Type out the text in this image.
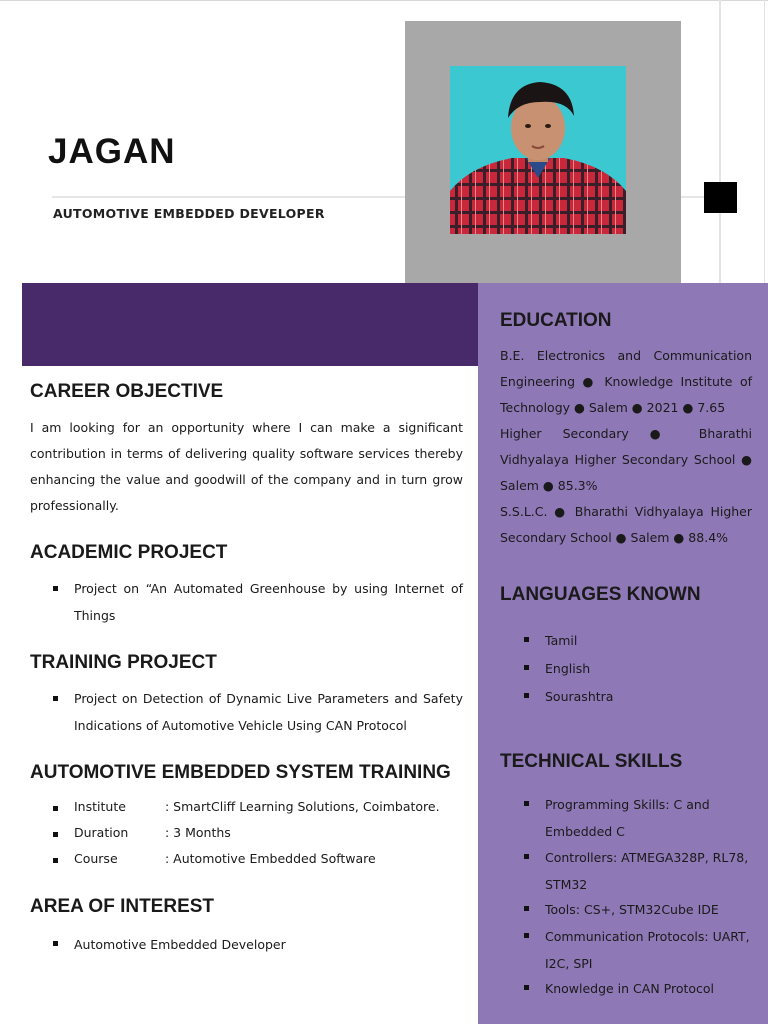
JAGAN
AUTOMOTIVE EMBEDDED DEVELOPER
CAREER OBJECTIVE
I am looking for an opportunity where I can make a significant contribution in terms of delivering quality software services thereby enhancing the value and goodwill of the company and in turn grow professionally.
ACADEMIC PROJECT
Project on “An Automated Greenhouse by using Internet of Things
TRAINING PROJECT
Project on Detection of Dynamic Live Parameters and Safety Indications of Automotive Vehicle Using CAN Protocol
AUTOMOTIVE EMBEDDED SYSTEM TRAINING
Institute	: SmartCliff Learning Solutions, Coimbatore.
Duration	: 3 Months
Course	: Automotive Embedded Software
AREA OF INTEREST
Automotive Embedded Developer
EDUCATION
B.E. Electronics and Communication Engineering ● Knowledge Institute of Technology ● Salem ● 2021 ● 7.65
Higher Secondary ● Bharathi Vidhyalaya Higher Secondary School ● Salem ● 85.3%
S.S.L.C. ● Bharathi Vidhyalaya Higher Secondary School ● Salem ● 88.4%
LANGUAGES KNOWN
Tamil
English
Sourashtra
TECHNICAL SKILLS
Programming Skills: C and Embedded C
Controllers: ATMEGA328P, RL78, STM32
Tools: CS+, STM32Cube IDE
Communication Protocols: UART, I2C, SPI
Knowledge in CAN Protocol
